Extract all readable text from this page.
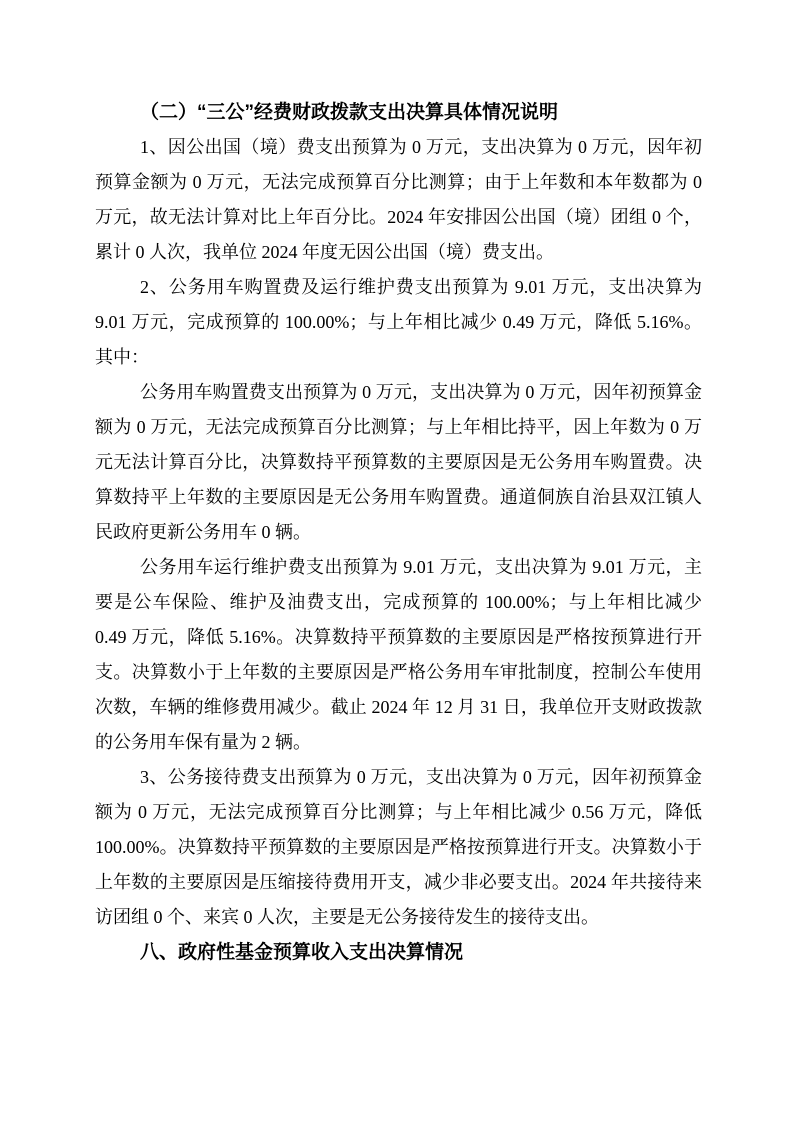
（二）“三公”经费财政拨款支出决算具体情况说明

1、因公出国（境）费支出预算为 0 万元，支出决算为 0 万元，因年初预算金额为 0 万元，无法完成预算百分比测算；由于上年数和本年数都为 0 万元，故无法计算对比上年百分比。2024 年安排因公出国（境）团组 0 个，累计 0 人次，我单位 2024 年度无因公出国（境）费支出。

2、公务用车购置费及运行维护费支出预算为 9.01 万元，支出决算为 9.01 万元，完成预算的 100.00%；与上年相比减少 0.49 万元，降低 5.16%。其中：

公务用车购置费支出预算为 0 万元，支出决算为 0 万元，因年初预算金额为 0 万元，无法完成预算百分比测算；与上年相比持平，因上年数为 0 万元无法计算百分比，决算数持平预算数的主要原因是无公务用车购置费。决算数持平上年数的主要原因是无公务用车购置费。通道侗族自治县双江镇人民政府更新公务用车 0 辆。

公务用车运行维护费支出预算为 9.01 万元，支出决算为 9.01 万元，主要是公车保险、维护及油费支出，完成预算的 100.00%；与上年相比减少 0.49 万元，降低 5.16%。决算数持平预算数的主要原因是严格按预算进行开支。决算数小于上年数的主要原因是严格公务用车审批制度，控制公车使用次数，车辆的维修费用减少。截止 2024 年 12 月 31 日，我单位开支财政拨款的公务用车保有量为 2 辆。

3、公务接待费支出预算为 0 万元，支出决算为 0 万元，因年初预算金额为 0 万元，无法完成预算百分比测算；与上年相比减少 0.56 万元，降低 100.00%。决算数持平预算数的主要原因是严格按预算进行开支。决算数小于上年数的主要原因是压缩接待费用开支，减少非必要支出。2024 年共接待来访团组 0 个、来宾 0 人次，主要是无公务接待发生的接待支出。

八、政府性基金预算收入支出决算情况
